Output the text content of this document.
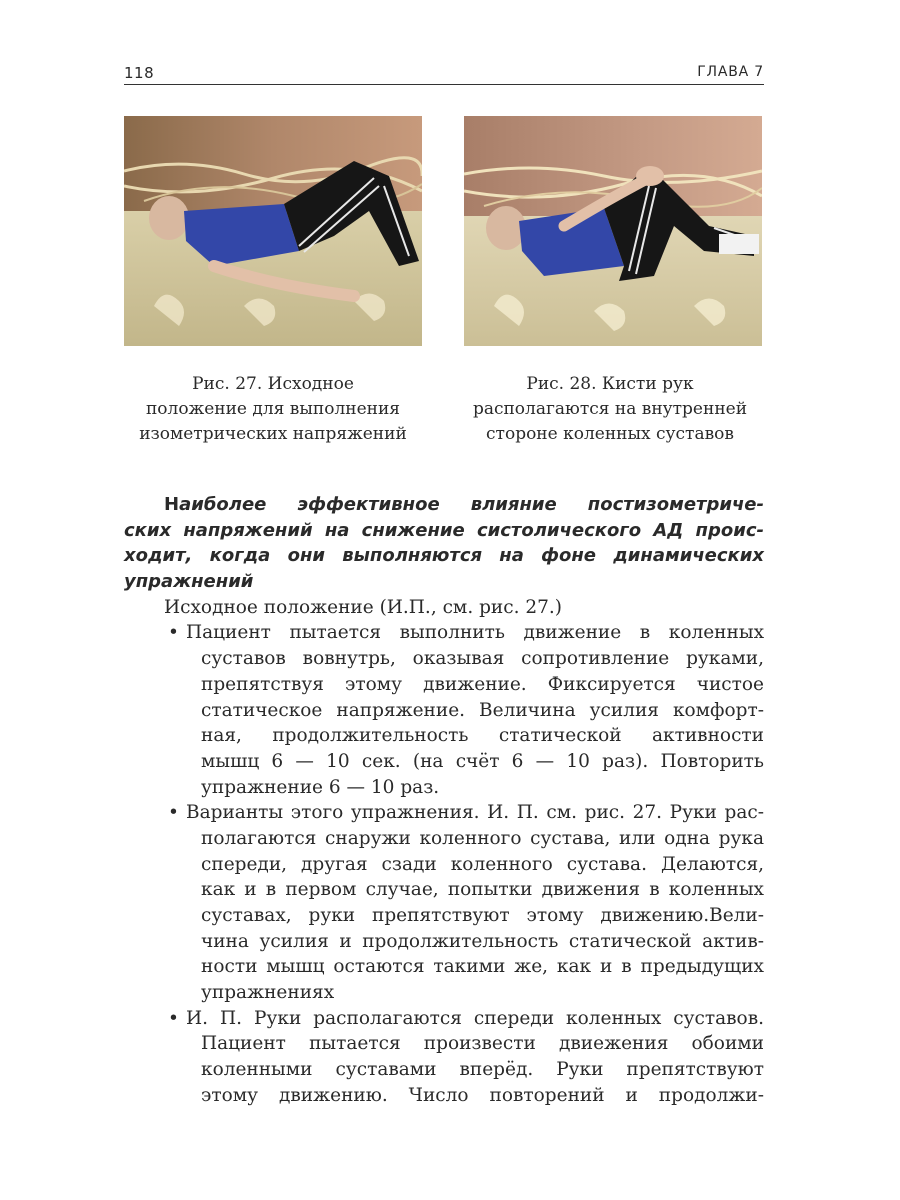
118	ГЛАВА 7
Рис. 27. Исходное
положение для выполнения
изометрических напряжений
Рис. 28. Кисти рук
располагаются на внутренней
стороне коленных суставов
Наиболее эффективное влияние постизометриче-
ских напряжений на снижение систолического АД проис-
ходит, когда они выполняются на фоне динамических
упражнений
Исходное положение (И.П., см. рис. 27.)
• Пациент пытается выполнить движение в коленных
суставов вовнутрь, оказывая сопротивление руками,
препятствуя этому движение. Фиксируется чистое
статическое напряжение. Величина усилия комфорт-
ная, продолжительность статической активности
мышц 6 — 10 сек. (на счёт 6 — 10 раз). Повторить
упражнение 6 — 10 раз.
• Варианты этого упражнения. И. П. см. рис. 27. Руки рас-
полагаются снаружи коленного сустава, или одна рука
спереди, другая сзади коленного сустава. Делаются,
как и в первом случае, попытки движения в коленных
суставах, руки препятствуют этому движению.Вели-
чина усилия и продолжительность статической актив-
ности мышц остаются такими же, как и в предыдущих
упражнениях
• И. П. Руки располагаются спереди коленных суставов.
Пациент пытается произвести двиежения обоими
коленными суставами вперёд. Руки препятствуют
этому движению. Число повторений и продолжи-
